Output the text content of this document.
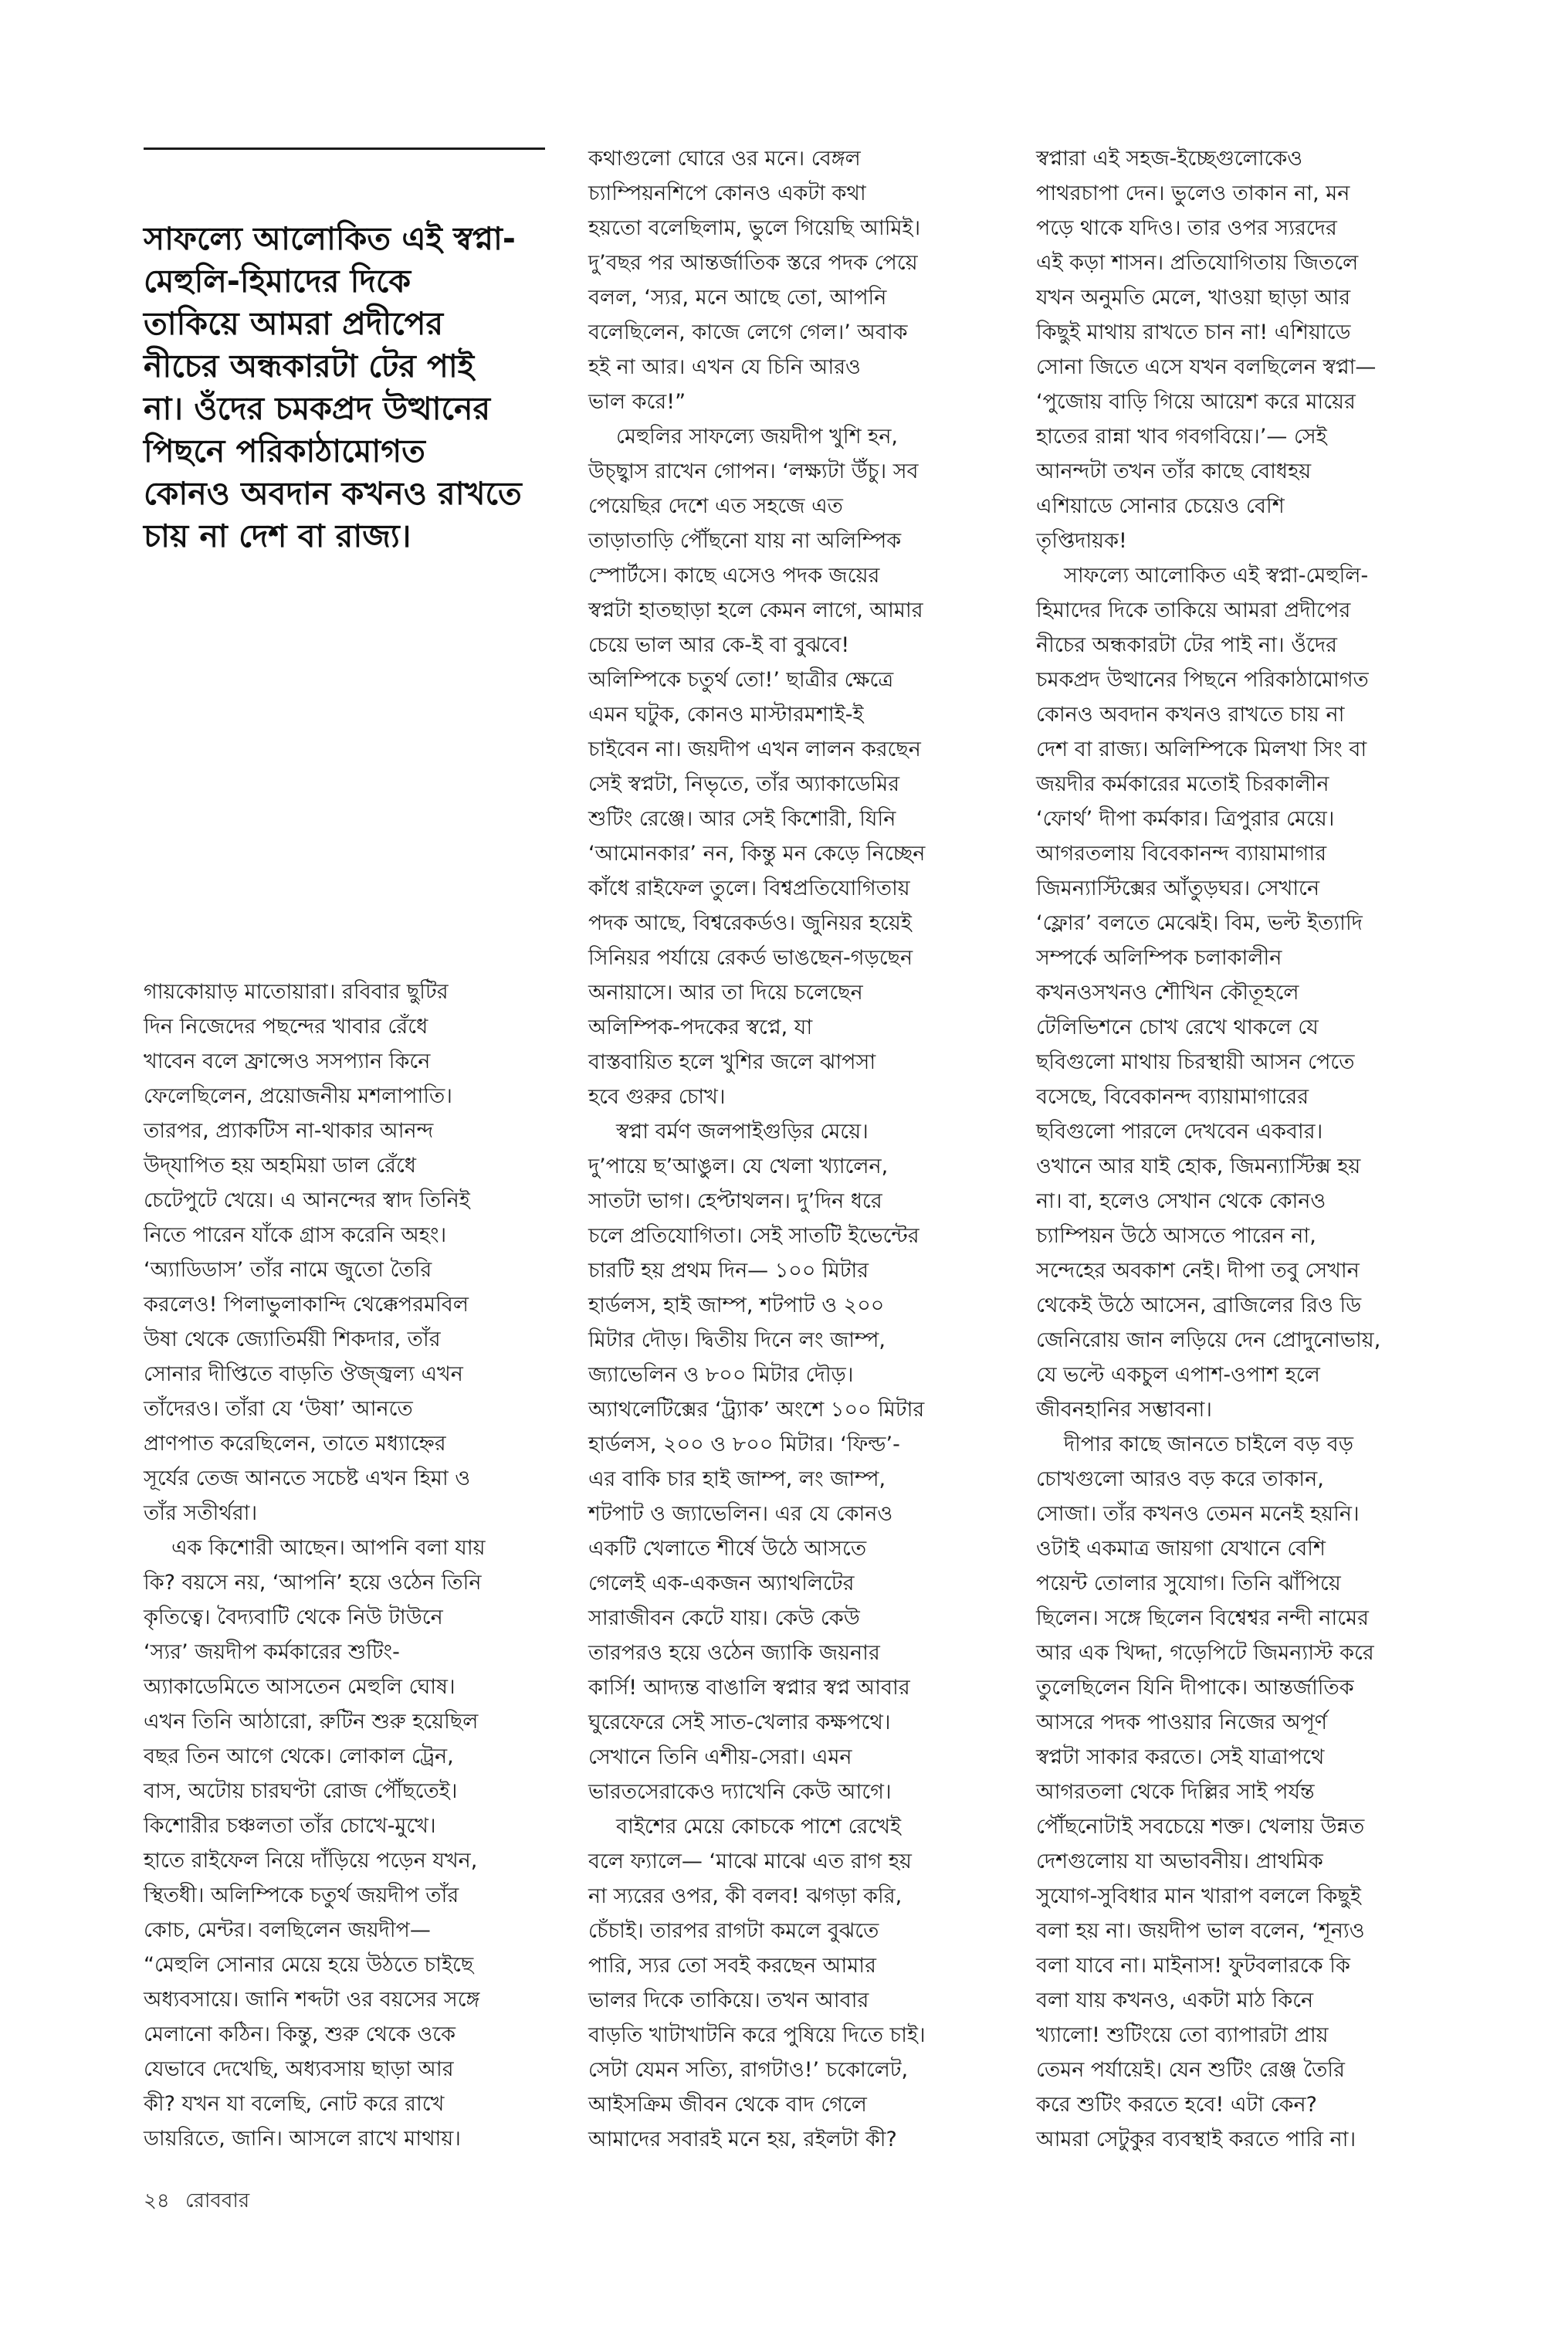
সাফল্যে আলোকিত এই স্বপ্না-
মেহুলি-হিমাদের দিকে
তাকিয়ে আমরা প্রদীপের
নীচের অন্ধকারটা টের পাই
না। ওঁদের চমকপ্রদ উত্থানের
পিছনে পরিকাঠামোগত
কোনও অবদান কখনও রাখতে
চায় না দেশ বা রাজ্য।
গায়কোয়াড় মাতোয়ারা। রবিবার ছুটির
দিন নিজেদের পছন্দের খাবার রেঁধে
খাবেন বলে ফ্রান্সেও সসপ্যান কিনে
ফেলেছিলেন, প্রয়োজনীয় মশলাপাতি।
তারপর, প্র্যাকটিস না-থাকার আনন্দ
উদ্‌যাপিত হয় অহমিয়া ডাল রেঁধে
চেটেপুটে খেয়ে। এ আনন্দের স্বাদ তিনিই
নিতে পারেন যাঁকে গ্রাস করেনি অহং।
‘অ্যাডিডাস’ তাঁর নামে জুতো তৈরি
করলেও! পিলাভুলাকান্দি থেক্কেপরমবিল
উষা থেকে জ্যোতির্ময়ী শিকদার, তাঁর
সোনার দীপ্তিতে বাড়তি ঔজ্জ্বল্য এখন
তাঁদেরও। তাঁরা যে ‘উষা’ আনতে
প্রাণপাত করেছিলেন, তাতে মধ্যাহ্নের
সূর্যের তেজ আনতে সচেষ্ট এখন হিমা ও
তাঁর সতীর্থরা।
এক কিশোরী আছেন। আপনি বলা যায়
কি? বয়সে নয়, ‘আপনি’ হয়ে ওঠেন তিনি
কৃতিত্বে। বৈদ্যবাটি থেকে নিউ টাউনে
‘স্যর’ জয়দীপ কর্মকারের শুটিং-
অ্যাকাডেমিতে আসতেন মেহুলি ঘোষ।
এখন তিনি আঠারো, রুটিন শুরু হয়েছিল
বছর তিন আগে থেকে। লোকাল ট্রেন,
বাস, অটোয় চারঘণ্টা রোজ পৌঁছতেই।
কিশোরীর চঞ্চলতা তাঁর চোখে-মুখে।
হাতে রাইফেল নিয়ে দাঁড়িয়ে পড়েন যখন,
স্থিতধী। অলিম্পিকে চতুর্থ জয়দীপ তাঁর
কোচ, মেন্টর। বলছিলেন জয়দীপ—
“মেহুলি সোনার মেয়ে হয়ে উঠতে চাইছে
অধ্যবসায়ে। জানি শব্দটা ওর বয়সের সঙ্গে
মেলানো কঠিন। কিন্তু, শুরু থেকে ওকে
যেভাবে দেখেছি, অধ্যবসায় ছাড়া আর
কী? যখন যা বলেছি, নোট করে রাখে
ডায়রিতে, জানি। আসলে রাখে মাথায়।
কথাগুলো ঘোরে ওর মনে। বেঙ্গল
চ্যাম্পিয়নশিপে কোনও একটা কথা
হয়তো বলেছিলাম, ভুলে গিয়েছি আমিই।
দু’বছর পর আন্তর্জাতিক স্তরে পদক পেয়ে
বলল, ‘স্যর, মনে আছে তো, আপনি
বলেছিলেন, কাজে লেগে গেল।’ অবাক
হই না আর। এখন যে চিনি আরও
ভাল করে!”
মেহুলির সাফল্যে জয়দীপ খুশি হন,
উচ্ছ্বাস রাখেন গোপন। ‘লক্ষ্যটা উঁচু। সব
পেয়েছির দেশে এত সহজে এত
তাড়াতাড়ি পৌঁছনো যায় না অলিম্পিক
স্পোর্টসে। কাছে এসেও পদক জয়ের
স্বপ্নটা হাতছাড়া হলে কেমন লাগে, আমার
চেয়ে ভাল আর কে-ই বা বুঝবে!
অলিম্পিকে চতুর্থ তো!’ ছাত্রীর ক্ষেত্রে
এমন ঘটুক, কোনও মাস্টারমশাই-ই
চাইবেন না। জয়দীপ এখন লালন করছেন
সেই স্বপ্নটা, নিভৃতে, তাঁর অ্যাকাডেমির
শুটিং রেঞ্জে। আর সেই কিশোরী, যিনি
‘আমোনকার’ নন, কিন্তু মন কেড়ে নিচ্ছেন
কাঁধে রাইফেল তুলে। বিশ্বপ্রতিযোগিতায়
পদক আছে, বিশ্বরেকর্ডও। জুনিয়র হয়েই
সিনিয়র পর্যায়ে রেকর্ড ভাঙছেন-গড়ছেন
অনায়াসে। আর তা দিয়ে চলেছেন
অলিম্পিক-পদকের স্বপ্নে, যা
বাস্তবায়িত হলে খুশির জলে ঝাপসা
হবে গুরুর চোখ।
স্বপ্না বর্মণ জলপাইগুড়ির মেয়ে।
দু’পায়ে ছ’আঙুল। যে খেলা খ্যালেন,
সাতটা ভাগ। হেপ্টাথলন। দু’দিন ধরে
চলে প্রতিযোগিতা। সেই সাতটি ইভেন্টের
চারটি হয় প্রথম দিন— ১০০ মিটার
হার্ডলস, হাই জাম্প, শটপাট ও ২০০
মিটার দৌড়। দ্বিতীয় দিনে লং জাম্প,
জ্যাভেলিন ও ৮০০ মিটার দৌড়।
অ্যাথলেটিক্সের ‘ট্র্যাক’ অংশে ১০০ মিটার
হার্ডলস, ২০০ ও ৮০০ মিটার। ‘ফিল্ড’-
এর বাকি চার হাই জাম্প, লং জাম্প,
শটপাট ও জ্যাভেলিন। এর যে কোনও
একটি খেলাতে শীর্ষে উঠে আসতে
গেলেই এক-একজন অ্যাথলিটের
সারাজীবন কেটে যায়। কেউ কেউ
তারপরও হয়ে ওঠেন জ্যাকি জয়নার
কার্সি! আদ্যন্ত বাঙালি স্বপ্নার স্বপ্ন আবার
ঘুরেফেরে সেই সাত-খেলার কক্ষপথে।
সেখানে তিনি এশীয়-সেরা। এমন
ভারতসেরাকেও দ্যাখেনি কেউ আগে।
বাইশের মেয়ে কোচকে পাশে রেখেই
বলে ফ্যালে— ‘মাঝে মাঝে এত রাগ হয়
না স্যরের ওপর, কী বলব! ঝগড়া করি,
চেঁচাই। তারপর রাগটা কমলে বুঝতে
পারি, স্যর তো সবই করছেন আমার
ভালর দিকে তাকিয়ে। তখন আবার
বাড়তি খাটাখাটনি করে পুষিয়ে দিতে চাই।
সেটা যেমন সত্যি, রাগটাও!’ চকোলেট,
আইসক্রিম জীবন থেকে বাদ গেলে
আমাদের সবারই মনে হয়, রইলটা কী?
স্বপ্নারা এই সহজ-ইচ্ছেগুলোকেও
পাথরচাপা দেন। ভুলেও তাকান না, মন
পড়ে থাকে যদিও। তার ওপর স্যরদের
এই কড়া শাসন। প্রতিযোগিতায় জিতলে
যখন অনুমতি মেলে, খাওয়া ছাড়া আর
কিছুই মাথায় রাখতে চান না! এশিয়াডে
সোনা জিতে এসে যখন বলছিলেন স্বপ্না—
‘পুজোয় বাড়ি গিয়ে আয়েশ করে মায়ের
হাতের রান্না খাব গবগবিয়ে।’— সেই
আনন্দটা তখন তাঁর কাছে বোধহয়
এশিয়াডে সোনার চেয়েও বেশি
তৃপ্তিদায়ক!
সাফল্যে আলোকিত এই স্বপ্না-মেহুলি-
হিমাদের দিকে তাকিয়ে আমরা প্রদীপের
নীচের অন্ধকারটা টের পাই না। ওঁদের
চমকপ্রদ উত্থানের পিছনে পরিকাঠামোগত
কোনও অবদান কখনও রাখতে চায় না
দেশ বা রাজ্য। অলিম্পিকে মিলখা সিং বা
জয়দীর কর্মকারের মতোই চিরকালীন
‘ফোর্থ’ দীপা কর্মকার। ত্রিপুরার মেয়ে।
আগরতলায় বিবেকানন্দ ব্যায়ামাগার
জিমন্যাস্টিক্সের আঁতুড়ঘর। সেখানে
‘ফ্লোর’ বলতে মেঝেই। বিম, ভল্ট ইত্যাদি
সম্পর্কে অলিম্পিক চলাকালীন
কখনওসখনও শৌখিন কৌতূহলে
টেলিভিশনে চোখ রেখে থাকলে যে
ছবিগুলো মাথায় চিরস্থায়ী আসন পেতে
বসেছে, বিবেকানন্দ ব্যায়ামাগারের
ছবিগুলো পারলে দেখবেন একবার।
ওখানে আর যাই হোক, জিমন্যাস্টিক্স হয়
না। বা, হলেও সেখান থেকে কোনও
চ্যাম্পিয়ন উঠে আসতে পারেন না,
সন্দেহের অবকাশ নেই। দীপা তবু সেখান
থেকেই উঠে আসেন, ব্রাজিলের রিও ডি
জেনিরোয় জান লড়িয়ে দেন প্রোদুনোভায়,
যে ভল্টে একচুল এপাশ-ওপাশ হলে
জীবনহানির সম্ভাবনা।
দীপার কাছে জানতে চাইলে বড় বড়
চোখগুলো আরও বড় করে তাকান,
সোজা। তাঁর কখনও তেমন মনেই হয়নি।
ওটাই একমাত্র জায়গা যেখানে বেশি
পয়েন্ট তোলার সুযোগ। তিনি ঝাঁপিয়ে
ছিলেন। সঙ্গে ছিলেন বিশ্বেশ্বর নন্দী নামের
আর এক খিদ্দা, গড়েপিটে জিমন্যাস্ট করে
তুলেছিলেন যিনি দীপাকে। আন্তর্জাতিক
আসরে পদক পাওয়ার নিজের অপূর্ণ
স্বপ্নটা সাকার করতে। সেই যাত্রাপথে
আগরতলা থেকে দিল্লির সাই পর্যন্ত
পৌঁছনোটাই সবচেয়ে শক্ত। খেলায় উন্নত
দেশগুলোয় যা অভাবনীয়। প্রাথমিক
সুযোগ-সুবিধার মান খারাপ বললে কিছুই
বলা হয় না। জয়দীপ ভাল বলেন, ‘শূন্যও
বলা যাবে না। মাইনাস! ফুটবলারকে কি
বলা যায় কখনও, একটা মাঠ কিনে
খ্যালো! শুটিংয়ে তো ব্যাপারটা প্রায়
তেমন পর্যায়েই। যেন শুটিং রেঞ্জ তৈরি
করে শুটিং করতে হবে! এটা কেন?
আমরা সেটুকুর ব্যবস্থাই করতে পারি না।
২৪ রোববার
